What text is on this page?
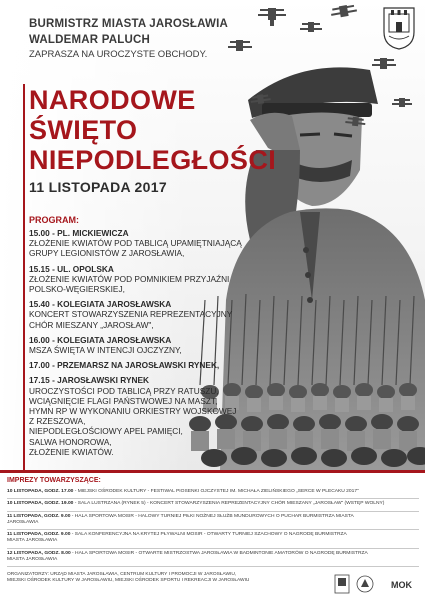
BURMISTRZ MIASTA JAROSŁAWIA
WALDEMAR PALUCH
ZAPRASZA NA UROCZYSTE OBCHODY.
NARODOWE
ŚWIĘTO
NIEPODLEGŁOŚCI
11 LISTOPADA 2017
PROGRAM:
15.00 - PL. MICKIEWICZA
ZŁOŻENIE KWIATÓW POD TABLICĄ UPAMIĘTNIAJĄCĄ
GRUPY LEGIONISTÓW Z JAROSŁAWIA,
15.15 - UL. OPOLSKA
ZŁOŻENIE KWIATÓW POD POMNIKIEM PRZYJAŹNI
POLSKO-WĘGIERSKIEJ,
15.40 - KOLEGIATA JAROSŁAWSKA
KONCERT STOWARZYSZENIA REPREZENTACYJNY
CHÓR MIESZANY „JAROSŁAW",
16.00 - KOLEGIATA JAROSŁAWSKA
MSZA ŚWIĘTA W INTENCJI OJCZYZNY,
17.00 - PRZEMARSZ NA JAROSŁAWSKI RYNEK,
17.15 - JAROSŁAWSKI RYNEK
UROCZYSTOŚCI POD TABLICĄ PRZY RATUSZU,
WCIĄGNIĘCIE FLAGI PAŃSTWOWEJ NA MASZT,
HYMN RP W WYKONANIU ORKIESTRY WOJSKOWEJ
Z RZESZOWA,
NIEPODLEGŁOŚCIOWY APEL PAMIĘCI,
SALWA HONOROWA,
ZŁOŻENIE KWIATÓW.
IMPREZY TOWARZYSZĄCE:
10 LISTOPADA, GODZ. 17.00 - MIEJSKI OŚRODEK KULTURY - FESTIWAL PIOSENKI OJCZYSTEJ IM. MICHAŁA ZIELIŃSKIEGO „SERCE W PLECAKU 2017"
10 LISTOPADA, GODZ. 19.00 - SALA LUSTRZANA (RYNEK 5) - KONCERT STOWARZYSZENIA REPREZENTACYJNY CHÓR MIESZANY „JAROSŁAW" (WSTĘP WOLNY)
11 LISTOPADA, GODZ. 9.00 - HALA SPORTOWA MOSIR - HALOWY TURNIEJ PIŁKI NOŻNEJ SŁUŻB MUNDUROWYCH O PUCHAR BURMISTRZA MIASTA
JAROSŁAWIA
11 LISTOPADA, GODZ. 9.00 - SALA KONFERENCYJNA NA KRYTEJ PŁYWALNI MOSIR - OTWARTY TURNIEJ SZACHOWY O NAGRODĘ BURMISTRZA
MIASTA JAROSŁAWIA
12 LISTOPADA, GODZ. 8.00 - HALA SPORTOWA MOSIR - OTWARTE MISTRZOSTWA JAROSŁAWIA W BADMINTONIE AMATORÓW O NAGRODĘ BURMISTRZA
MIASTA JAROSŁAWIA
ORGANIZATORZY: URZĄD MIASTA JAROSŁAWIA, CENTRUM KULTURY I PROMOCJI W JAROSŁAWIU,
MIEJSKI OŚRODEK KULTURY W JAROSŁAWIU, MIEJSKI OŚRODEK SPORTU I REKREACJI W JAROSŁAWIU	MOK
